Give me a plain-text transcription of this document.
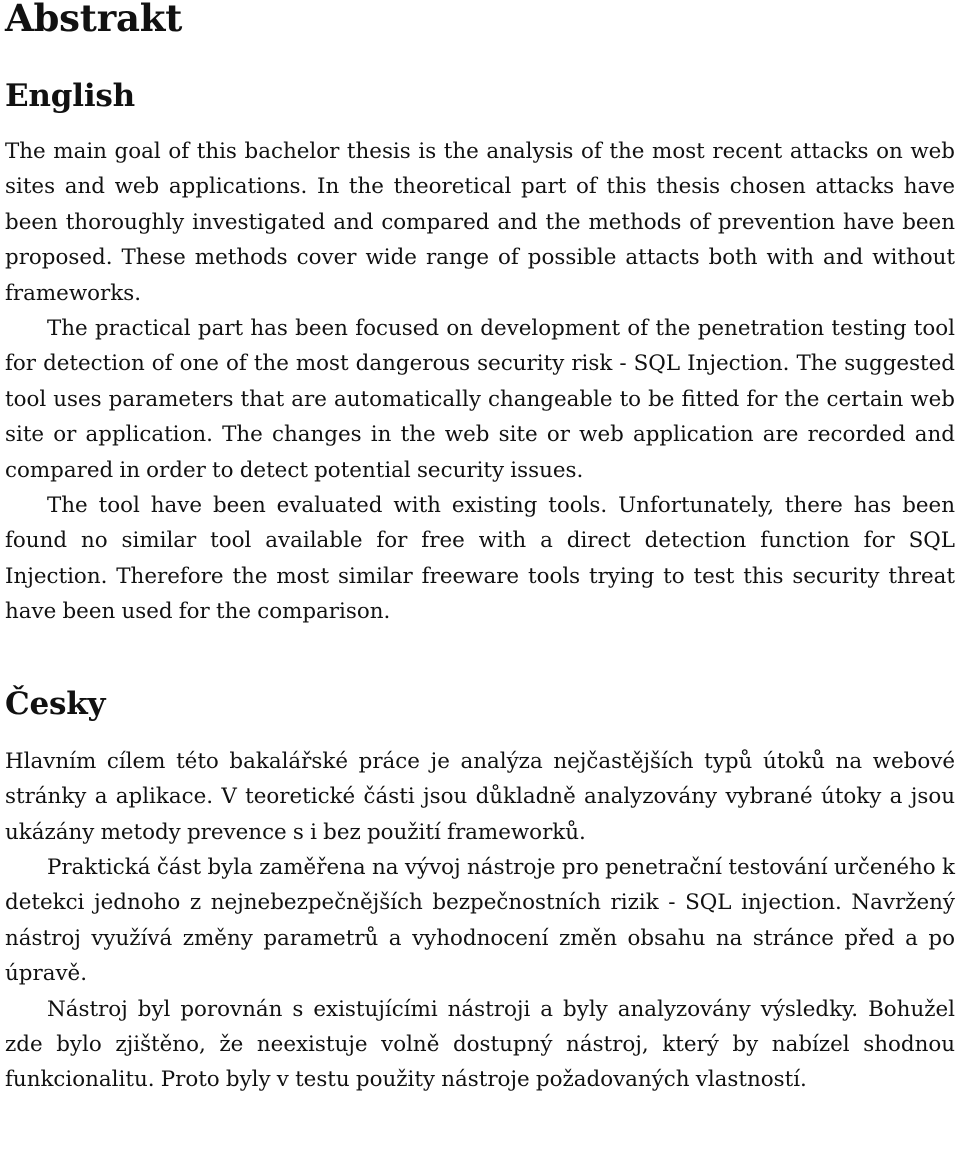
Abstrakt
English

The main goal of this bachelor thesis is the analysis of the most recent attacks on web sites and web applications. In the theoretical part of this thesis chosen attacks have been thoroughly investigated and compared and the methods of prevention have been proposed. These methods cover wide range of possible attacts both with and without frameworks.

The practical part has been focused on development of the penetration testing tool for detection of one of the most dangerous security risk - SQL Injection. The suggested tool uses parameters that are automatically changeable to be fitted for the certain web site or application. The changes in the web site or web application are recorded and compared in order to detect potential security issues.

The tool have been evaluated with existing tools. Unfortunately, there has been found no similar tool available for free with a direct detection function for SQL Injection. Therefore the most similar freeware tools trying to test this security threat have been used for the comparison.

Česky

Hlavním cílem této bakalářské práce je analýza nejčastějších typů útoků na webové stránky a aplikace. V teoretické části jsou důkladně analyzovány vybrané útoky a jsou ukázány metody prevence s i bez použití frameworků.

Praktická část byla zaměřena na vývoj nástroje pro penetrační testování určeného k detekci jednoho z nejnebezpečnějších bezpečnostních rizik - SQL injection. Navržený nástroj využívá změny parametrů a vyhodnocení změn obsahu na stránce před a po úpravě.

Nástroj byl porovnán s existujícími nástroji a byly analyzovány výsledky. Bohužel zde bylo zjištěno, že neexistuje volně dostupný nástroj, který by nabízel shodnou funkcionalitu. Proto byly v testu použity nástroje požadovaných vlastností.
